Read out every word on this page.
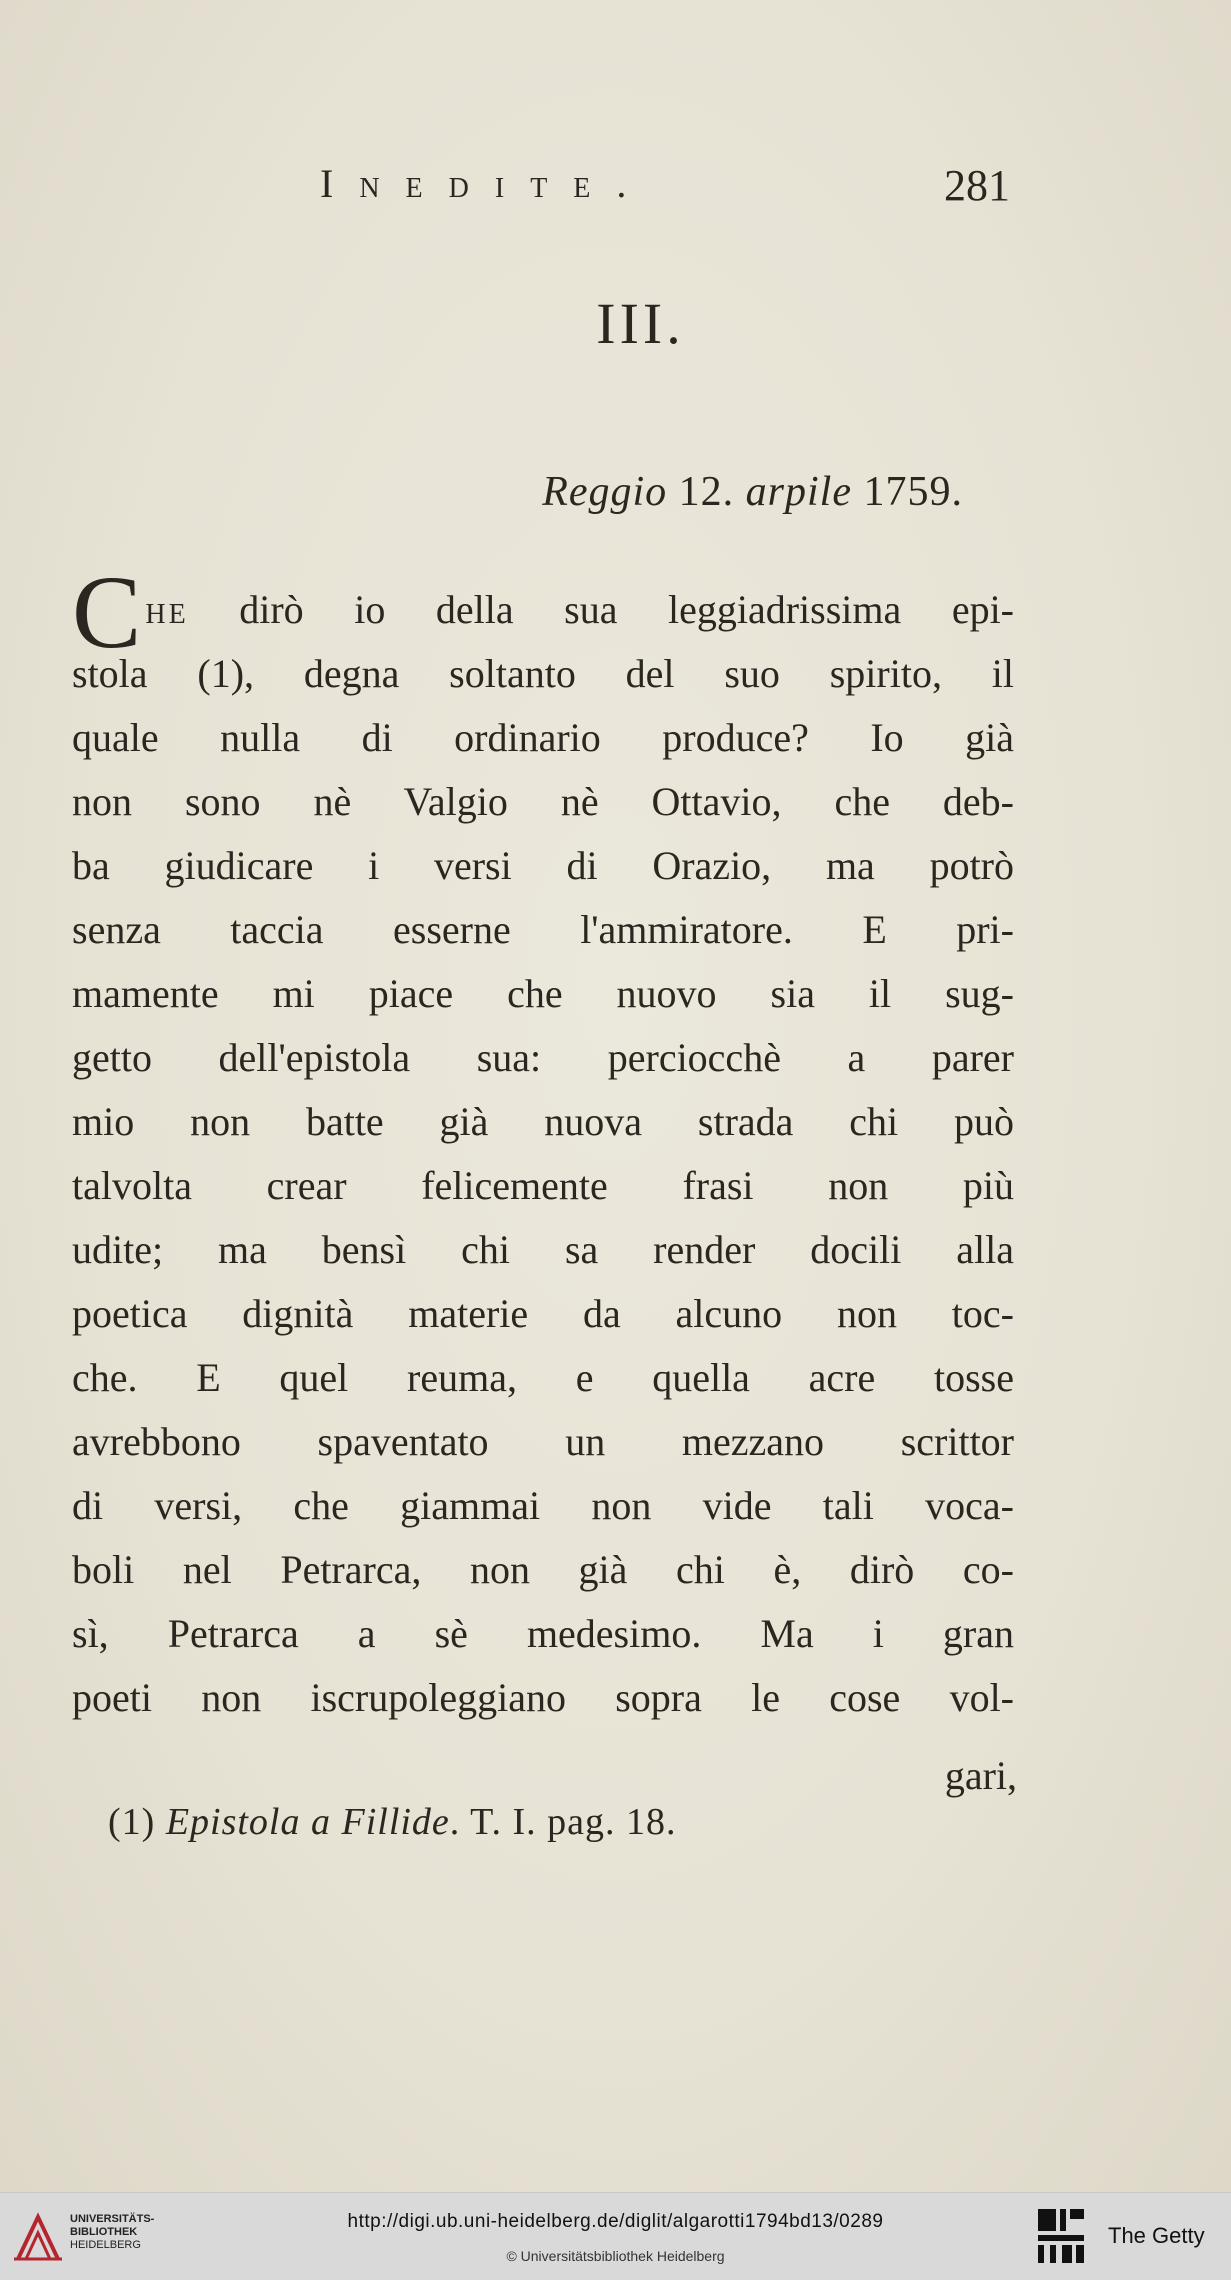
Inedite.	281
III.
Reggio 12. arpile 1759.
Che dirò io della sua leggiadrissima epi-
stola (1), degna soltanto del suo spirito, il
quale nulla di ordinario produce? Io già
non sono nè Valgio nè Ottavio, che deb-
ba giudicare i versi di Orazio, ma potrò
senza taccia esserne l'ammiratore. E pri-
mamente mi piace che nuovo sia il sug-
getto dell'epistola sua: perciocchè a parer
mio non batte già nuova strada chi può
talvolta crear felicemente frasi non più
udite; ma bensì chi sa render docili alla
poetica dignità materie da alcuno non toc-
che. E quel reuma, e quella acre tosse
avrebbono spaventato un mezzano scrittor
di versi, che giammai non vide tali voca-
boli nel Petrarca, non già chi è, dirò co-
sì, Petrarca a sè medesimo. Ma i gran
poeti non iscrupoleggiano sopra le cose vol-
gari,
(1) Epistola a Fillide. T. I. pag. 18.
UNIVERSITÄTS-
BIBLIOTHEK
HEIDELBERG
http://digi.ub.uni-heidelberg.de/diglit/algarotti1794bd13/0289
© Universitätsbibliothek Heidelberg
The Getty
